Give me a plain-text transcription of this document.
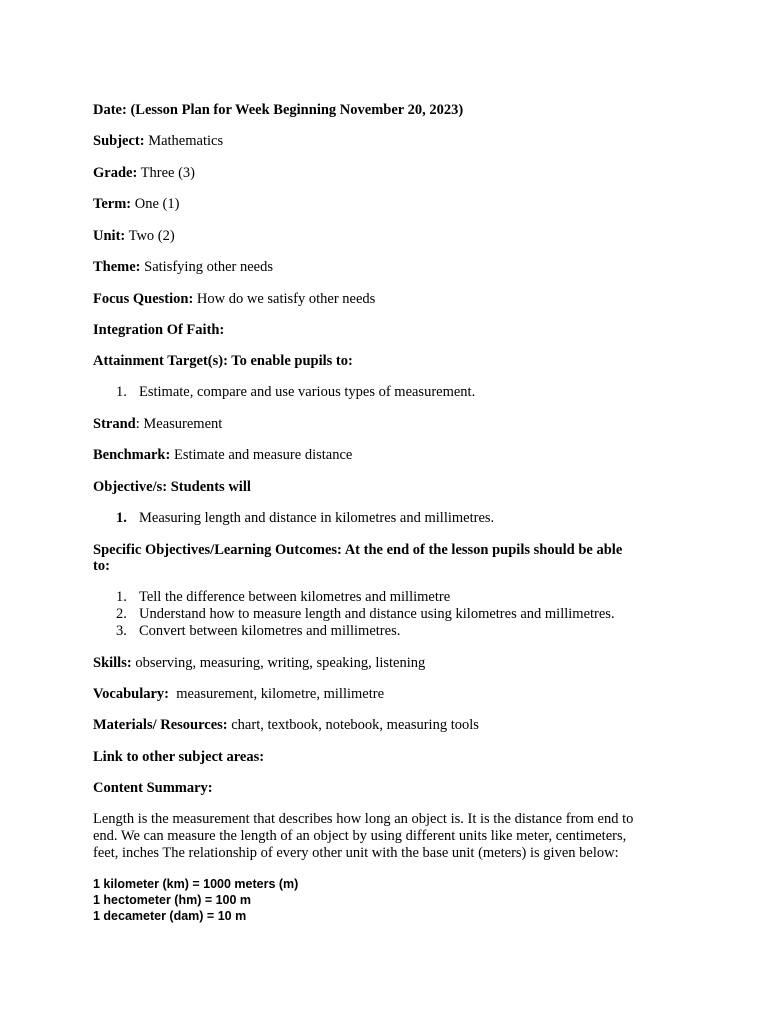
Date: (Lesson Plan for Week Beginning November 20, 2023)
Subject: Mathematics
Grade: Three (3)
Term: One (1)
Unit: Two (2)
Theme: Satisfying other needs
Focus Question: How do we satisfy other needs
Integration Of Faith:
Attainment Target(s): To enable pupils to:
1. Estimate, compare and use various types of measurement.
Strand: Measurement
Benchmark: Estimate and measure distance
Objective/s: Students will
1. Measuring length and distance in kilometres and millimetres.
Specific Objectives/Learning Outcomes: At the end of the lesson pupils should be able
to:
1. Tell the difference between kilometres and millimetre
2. Understand how to measure length and distance using kilometres and millimetres.
3. Convert between kilometres and millimetres.
Skills: observing, measuring, writing, speaking, listening
Vocabulary:  measurement, kilometre, millimetre
Materials/ Resources: chart, textbook, notebook, measuring tools
Link to other subject areas:
Content Summary:
Length is the measurement that describes how long an object is. It is the distance from end to
end. We can measure the length of an object by using different units like meter, centimeters,
feet, inches The relationship of every other unit with the base unit (meters) is given below:
1 kilometer (km) = 1000 meters (m)
1 hectometer (hm) = 100 m
1 decameter (dam) = 10 m
